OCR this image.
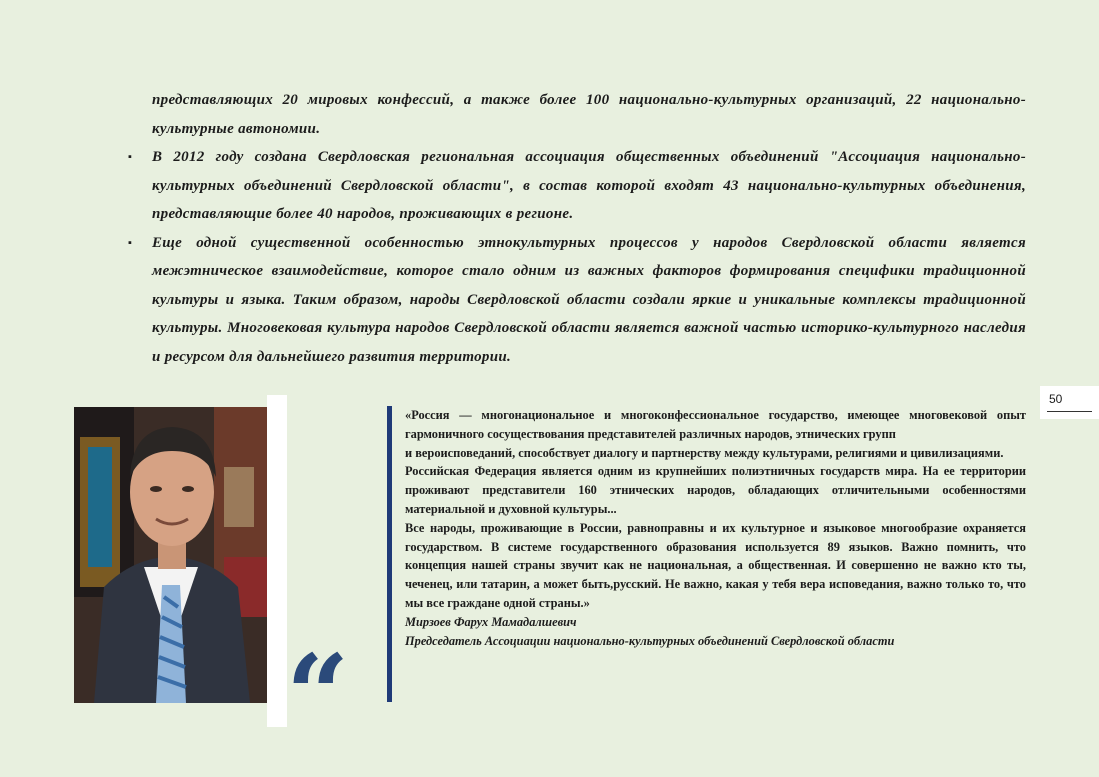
представляющих 20 мировых конфессий, а также более 100 национально-культурных организаций, 22 национально-культурные автономии.

▪ В 2012 году создана Свердловская региональная ассоциация общественных объединений "Ассоциация национально-культурных объединений Свердловской области", в состав которой входят 43 национально-культурных объединения, представляющие более 40 народов, проживающих в регионе.

▪ Еще одной существенной особенностью этнокультурных процессов у народов Свердловской области является межэтническое взаимодействие, которое стало одним из важных факторов формирования специфики традиционной культуры и языка. Таким образом, народы Свердловской области создали яркие и уникальные комплексы традиционной культуры. Многовековая культура народов Свердловской области является важной частью историко-культурного наследия и ресурсом для дальнейшего развития территории.

50
“

«Россия — многонациональное и многоконфессиональное государство, имеющее многовековой опыт гармоничного сосуществования представителей различных народов, этнических групп

и вероисповеданий, способствует диалогу и партнерству между культурами, религиями и цивилизациями.

Российская Федерация является одним из крупнейших полиэтничных государств мира. На ее территории проживают представители 160 этнических народов, обладающих отличительными особенностями материальной и духовной культуры...

Все народы, проживающие в России, равноправны и их культурное и языковое многообразие охраняется государством. В системе государственного образования используется 89 языков. Важно помнить, что концепция нашей страны звучит как не национальная, а общественная. И совершенно не важно кто ты, чеченец, или татарин, а может быть,русский. Не важно, какая у тебя вера исповедания, важно только то, что мы все граждане одной страны.»

Мирзоев Фарух Мамадалшевич

Председатель Ассоциации национально-культурных объединений Свердловской области
